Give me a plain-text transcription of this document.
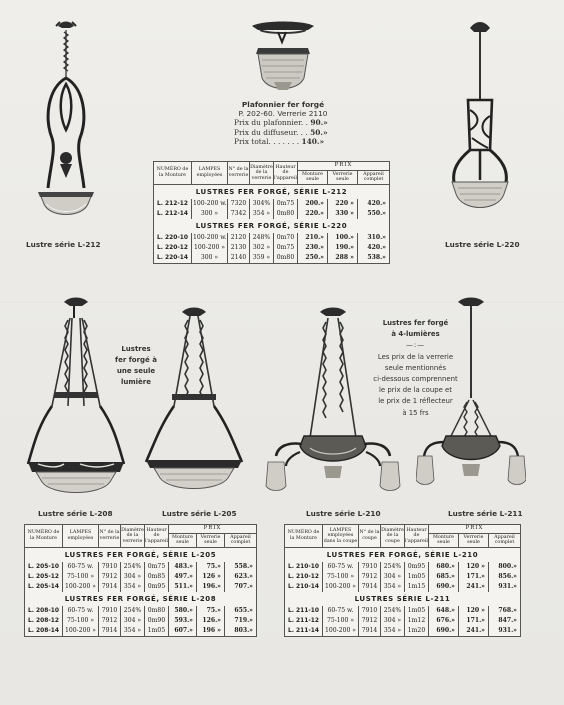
Lustre série L-212
Plafonnier fer forgé
P. 202-60. Verrerie 2110
Prix du plafonnier. . 90.»
Prix du diffuseur. . . 50.»
Prix total. . . . . . . 140.»
Lustre série L-220
NUMÉRO de la Monture	LAMPES employées	N° de la verrerie	Diamètre de la verrerie	Hauteur de l'appareil	PRIX		
					Monture seule	Verrerie seule	Appareil complet
LUSTRES FER FORGÉ, SÉRIE L-212							
L. 212-12	100-200 w.	7320	304%	0m75	200.»	220 »	420.»
L. 212-14	300 »	7342	354 »	0m80	220.»	330 »	550.»
LUSTRES FER FORGÉ, SÉRIE L-220							
L. 220-10	100-200 w.	2120	248%	0m70	210.»	100.»	310.»
L. 220-12	100-200 »	2130	302 »	0m75	230.»	190.»	420.»
L. 220-14	300 »	2140	359 »	0m80	250.»	288 »	538.»
Lustre série L-208
Lustres
fer forgé à
une seule
lumière
Lustre série L-205	Lustre série L-210
Lustres fer forgé
à 4-lumières
—:—
Les prix de la verrerie
seule mentionnés
ci-dessous comprennent
le prix de la coupe et
le prix de 1 réflecteur
à 15 frs
Lustre série L-211
NUMÉRO de la Monture	LAMPES employées	N° de la verrerie	Diamètre de la verrerie	Hauteur de l'appareil	PRIX		
					Monture seule	Verrerie seule	Appareil complet
LUSTRES FER FORGÉ, SÉRIE L-205							
L. 205-10	60-75 w.	7910	254%	0m75	483.»	75.»	558.»
L. 205-12	75-100 »	7912	304 »	0m85	497.»	126 »	623.»
L. 205-14	100-200 »	7914	354 »	0m95	511.»	196.»	707.»
LUSTRES FER FORGÉ, SÉRIE L-208							
L. 208-10	60-75 w.	7910	254%	0m80	580.»	75.»	655.»
L. 208-12	75-100 »	7912	304 »	0m90	593.»	126.»	719.»
L. 208-14	100-200 »	7914	354 »	1m05	607.»	196 »	803.»
NUMÉRO de la Monture	LAMPES employées dans la coupe	N° de la coupe	Diamètre de la coupe	Hauteur de l'appareil	PRIX		
					Monture seule	Verrerie seule	Appareil complet
LUSTRES FER FORGÉ, SÉRIE L-210							
L. 210-10	60-75 w.	7910	254%	0m95	680.»	120 »	800.»
L. 210-12	75-100 »	7912	304 »	1m05	685.»	171.»	856.»
L. 210-14	100-200 »	7914	354 »	1m15	690.»	241.»	931.»
LUSTRES SÉRIE L-211							
L. 211-10	60-75 w.	7910	254%	1m05	648.»	120 »	768.»
L. 211-12	75-100 »	7912	304 »	1m12	676.»	171.»	847.»
L. 211-14	100-200 »	7914	354 »	1m20	690.»	241.»	931.»
